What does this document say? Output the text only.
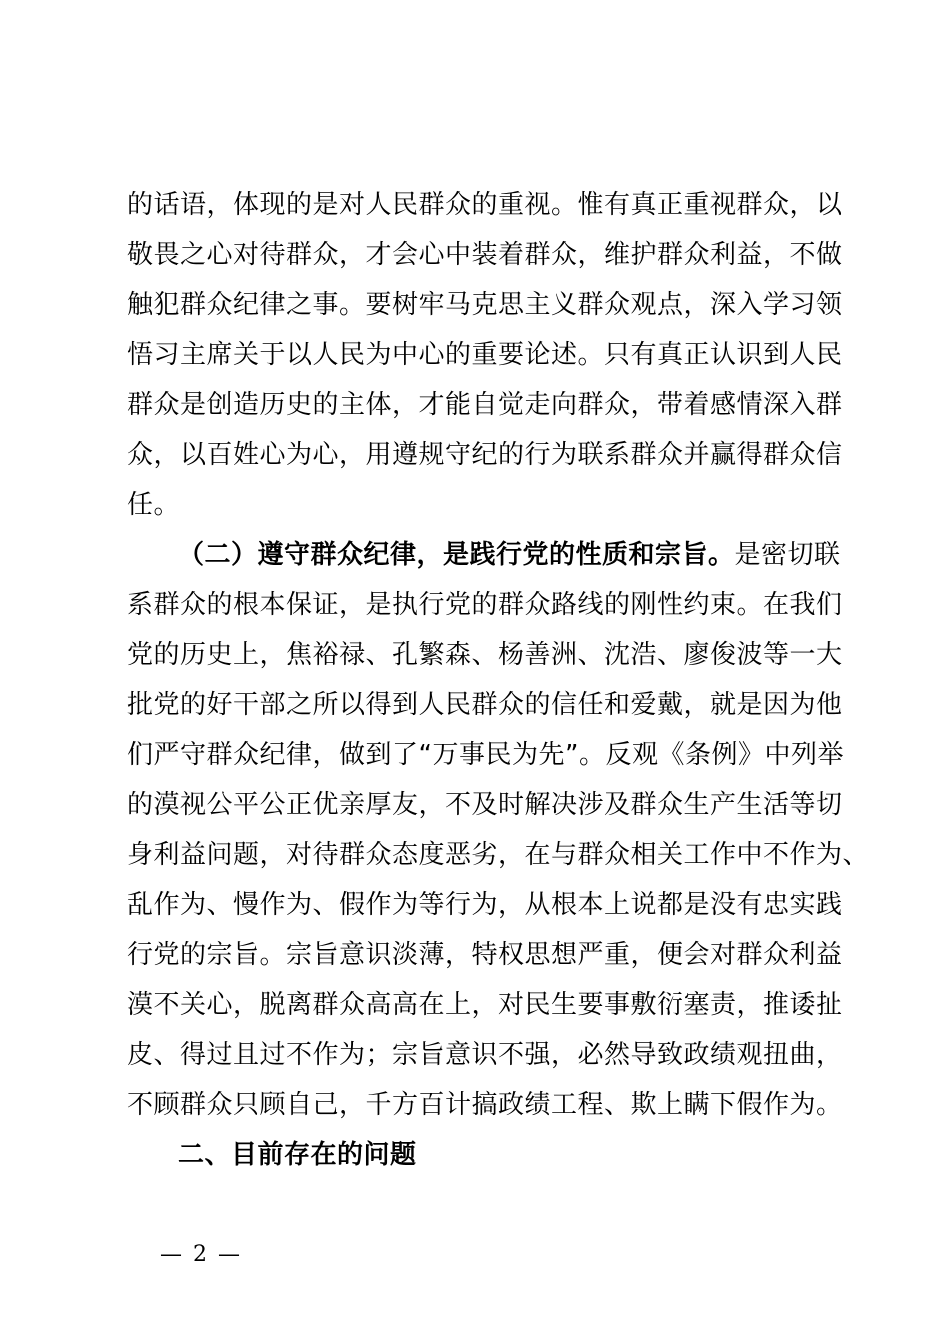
的话语，体现的是对人民群众的重视。惟有真正重视群众，以
敬畏之心对待群众，才会心中装着群众，维护群众利益，不做
触犯群众纪律之事。要树牢马克思主义群众观点，深入学习领
悟习主席关于以人民为中心的重要论述。只有真正认识到人民
群众是创造历史的主体，才能自觉走向群众，带着感情深入群
众，以百姓心为心，用遵规守纪的行为联系群众并赢得群众信
任。
（二）遵守群众纪律，是践行党的性质和宗旨。是密切联
系群众的根本保证，是执行党的群众路线的刚性约束。在我们
党的历史上，焦裕禄、孔繁森、杨善洲、沈浩、廖俊波等一大
批党的好干部之所以得到人民群众的信任和爱戴，就是因为他
们严守群众纪律，做到了“万事民为先”。反观《条例》中列举
的漠视公平公正优亲厚友，不及时解决涉及群众生产生活等切
身利益问题，对待群众态度恶劣，在与群众相关工作中不作为、
乱作为、慢作为、假作为等行为，从根本上说都是没有忠实践
行党的宗旨。宗旨意识淡薄，特权思想严重，便会对群众利益
漠不关心，脱离群众高高在上，对民生要事敷衍塞责，推诿扯
皮、得过且过不作为；宗旨意识不强，必然导致政绩观扭曲，
不顾群众只顾自己，千方百计搞政绩工程、欺上瞒下假作为。
二、目前存在的问题
— 2 —
